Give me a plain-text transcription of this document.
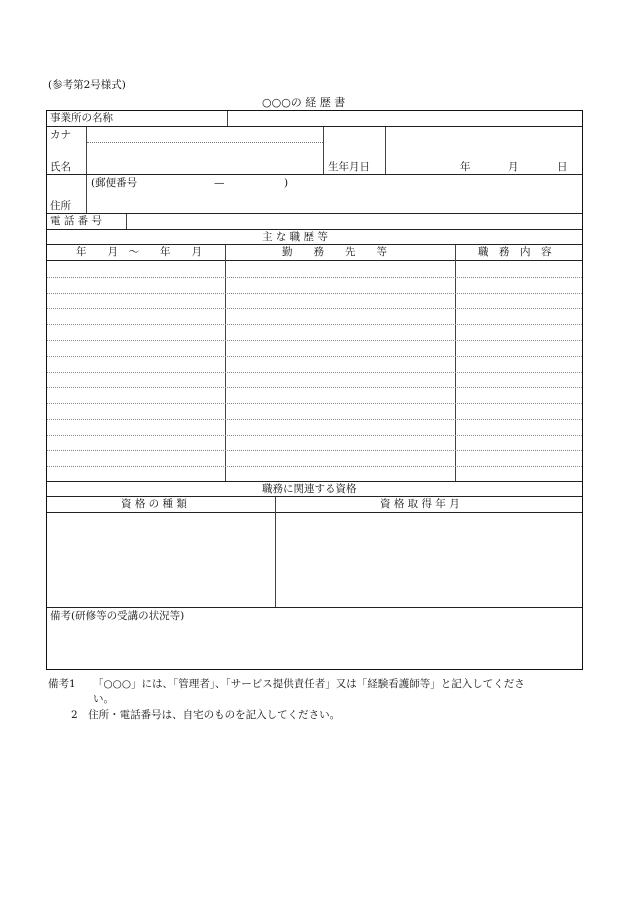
(参考第2号様式)
○○○の 経 歴 書
事業所の名称
カナ
氏名	生年月日	年	月	日
(郵便番号	—	)
住所
電 話 番 号
主 な 職 歴 等
年　　月　〜　　年　　月	勤　　務　　先　　等	職　務　内　容
職務に関連する資格
資 格 の 種 類	資 格 取 得 年 月
備考(研修等の受講の状況等)
備考1 「○○○」には、「管理者」、「サービス提供責任者」又は「経験看護師等」と記入してくださ
い。
2　住所・電話番号は、自宅のものを記入してください。
